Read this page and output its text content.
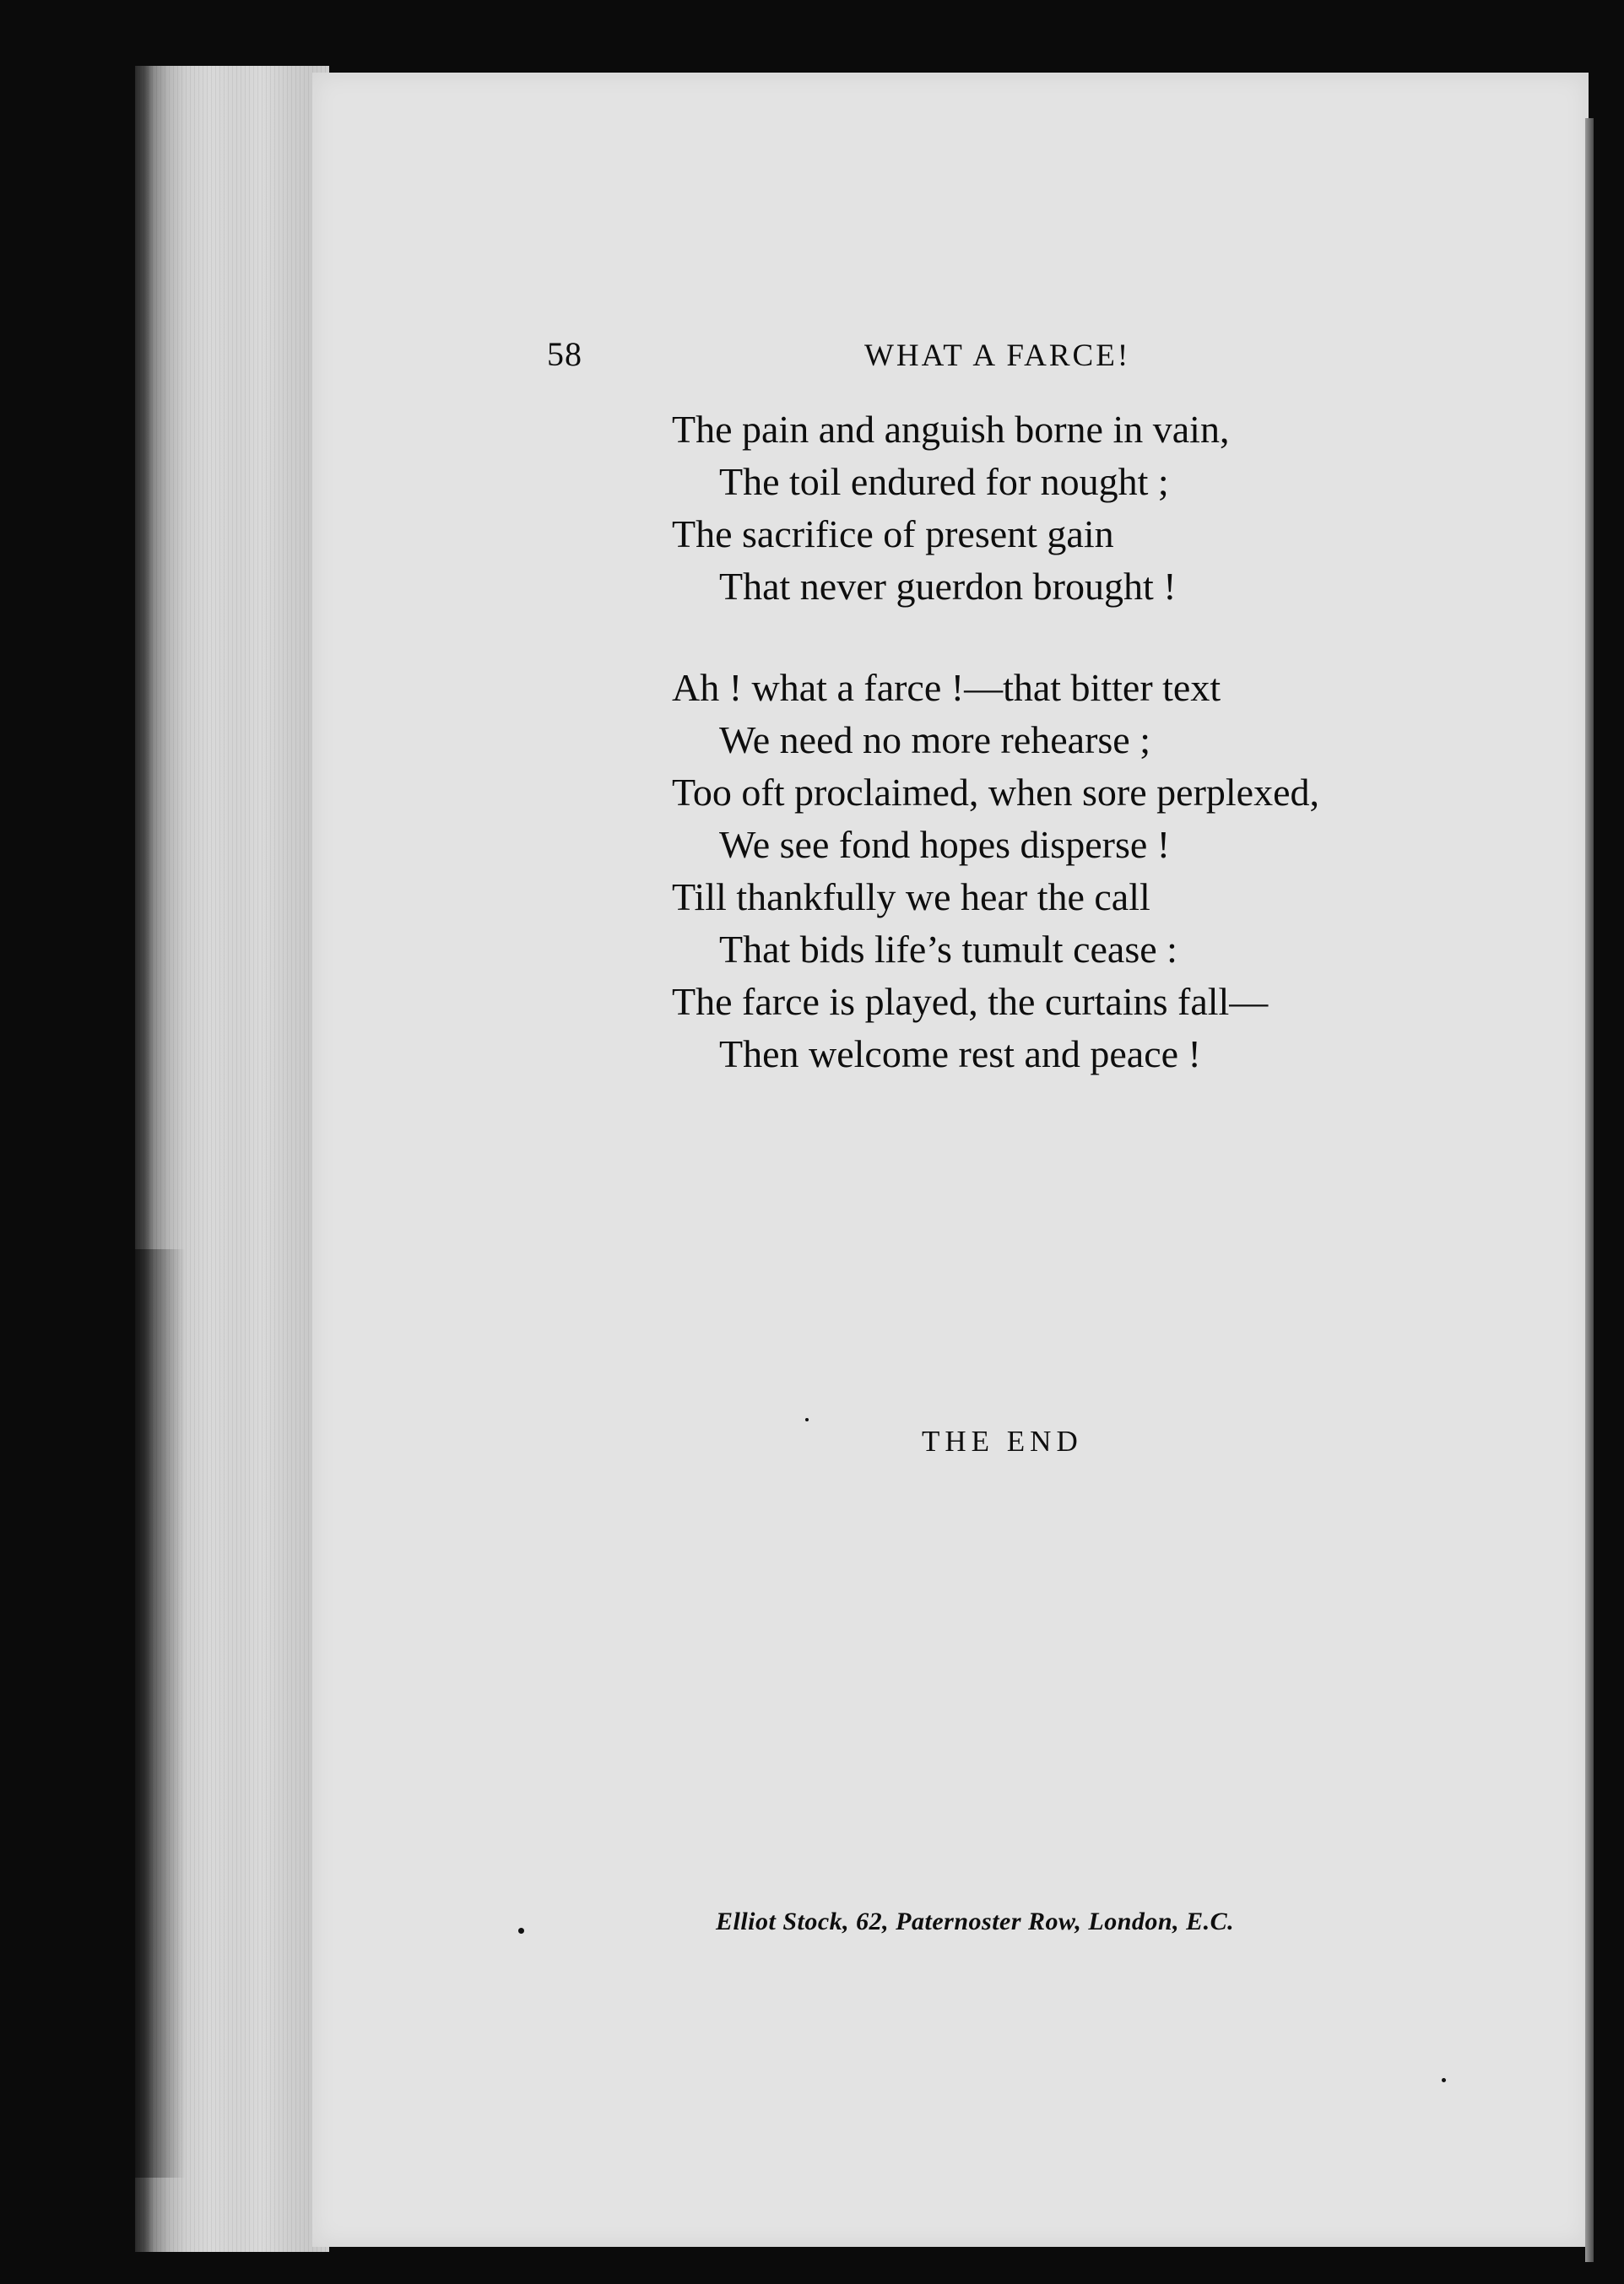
58	WHAT A FARCE!
The pain and anguish borne in vain,
The toil endured for nought ;
The sacrifice of present gain
That never guerdon brought !
Ah ! what a farce !—that bitter text
We need no more rehearse ;
Too oft proclaimed, when sore perplexed,
We see fond hopes disperse !
Till thankfully we hear the call
That bids life’s tumult cease :
The farce is played, the curtains fall—
Then welcome rest and peace !
THE END
Elliot Stock, 62, Paternoster Row, London, E.C.
